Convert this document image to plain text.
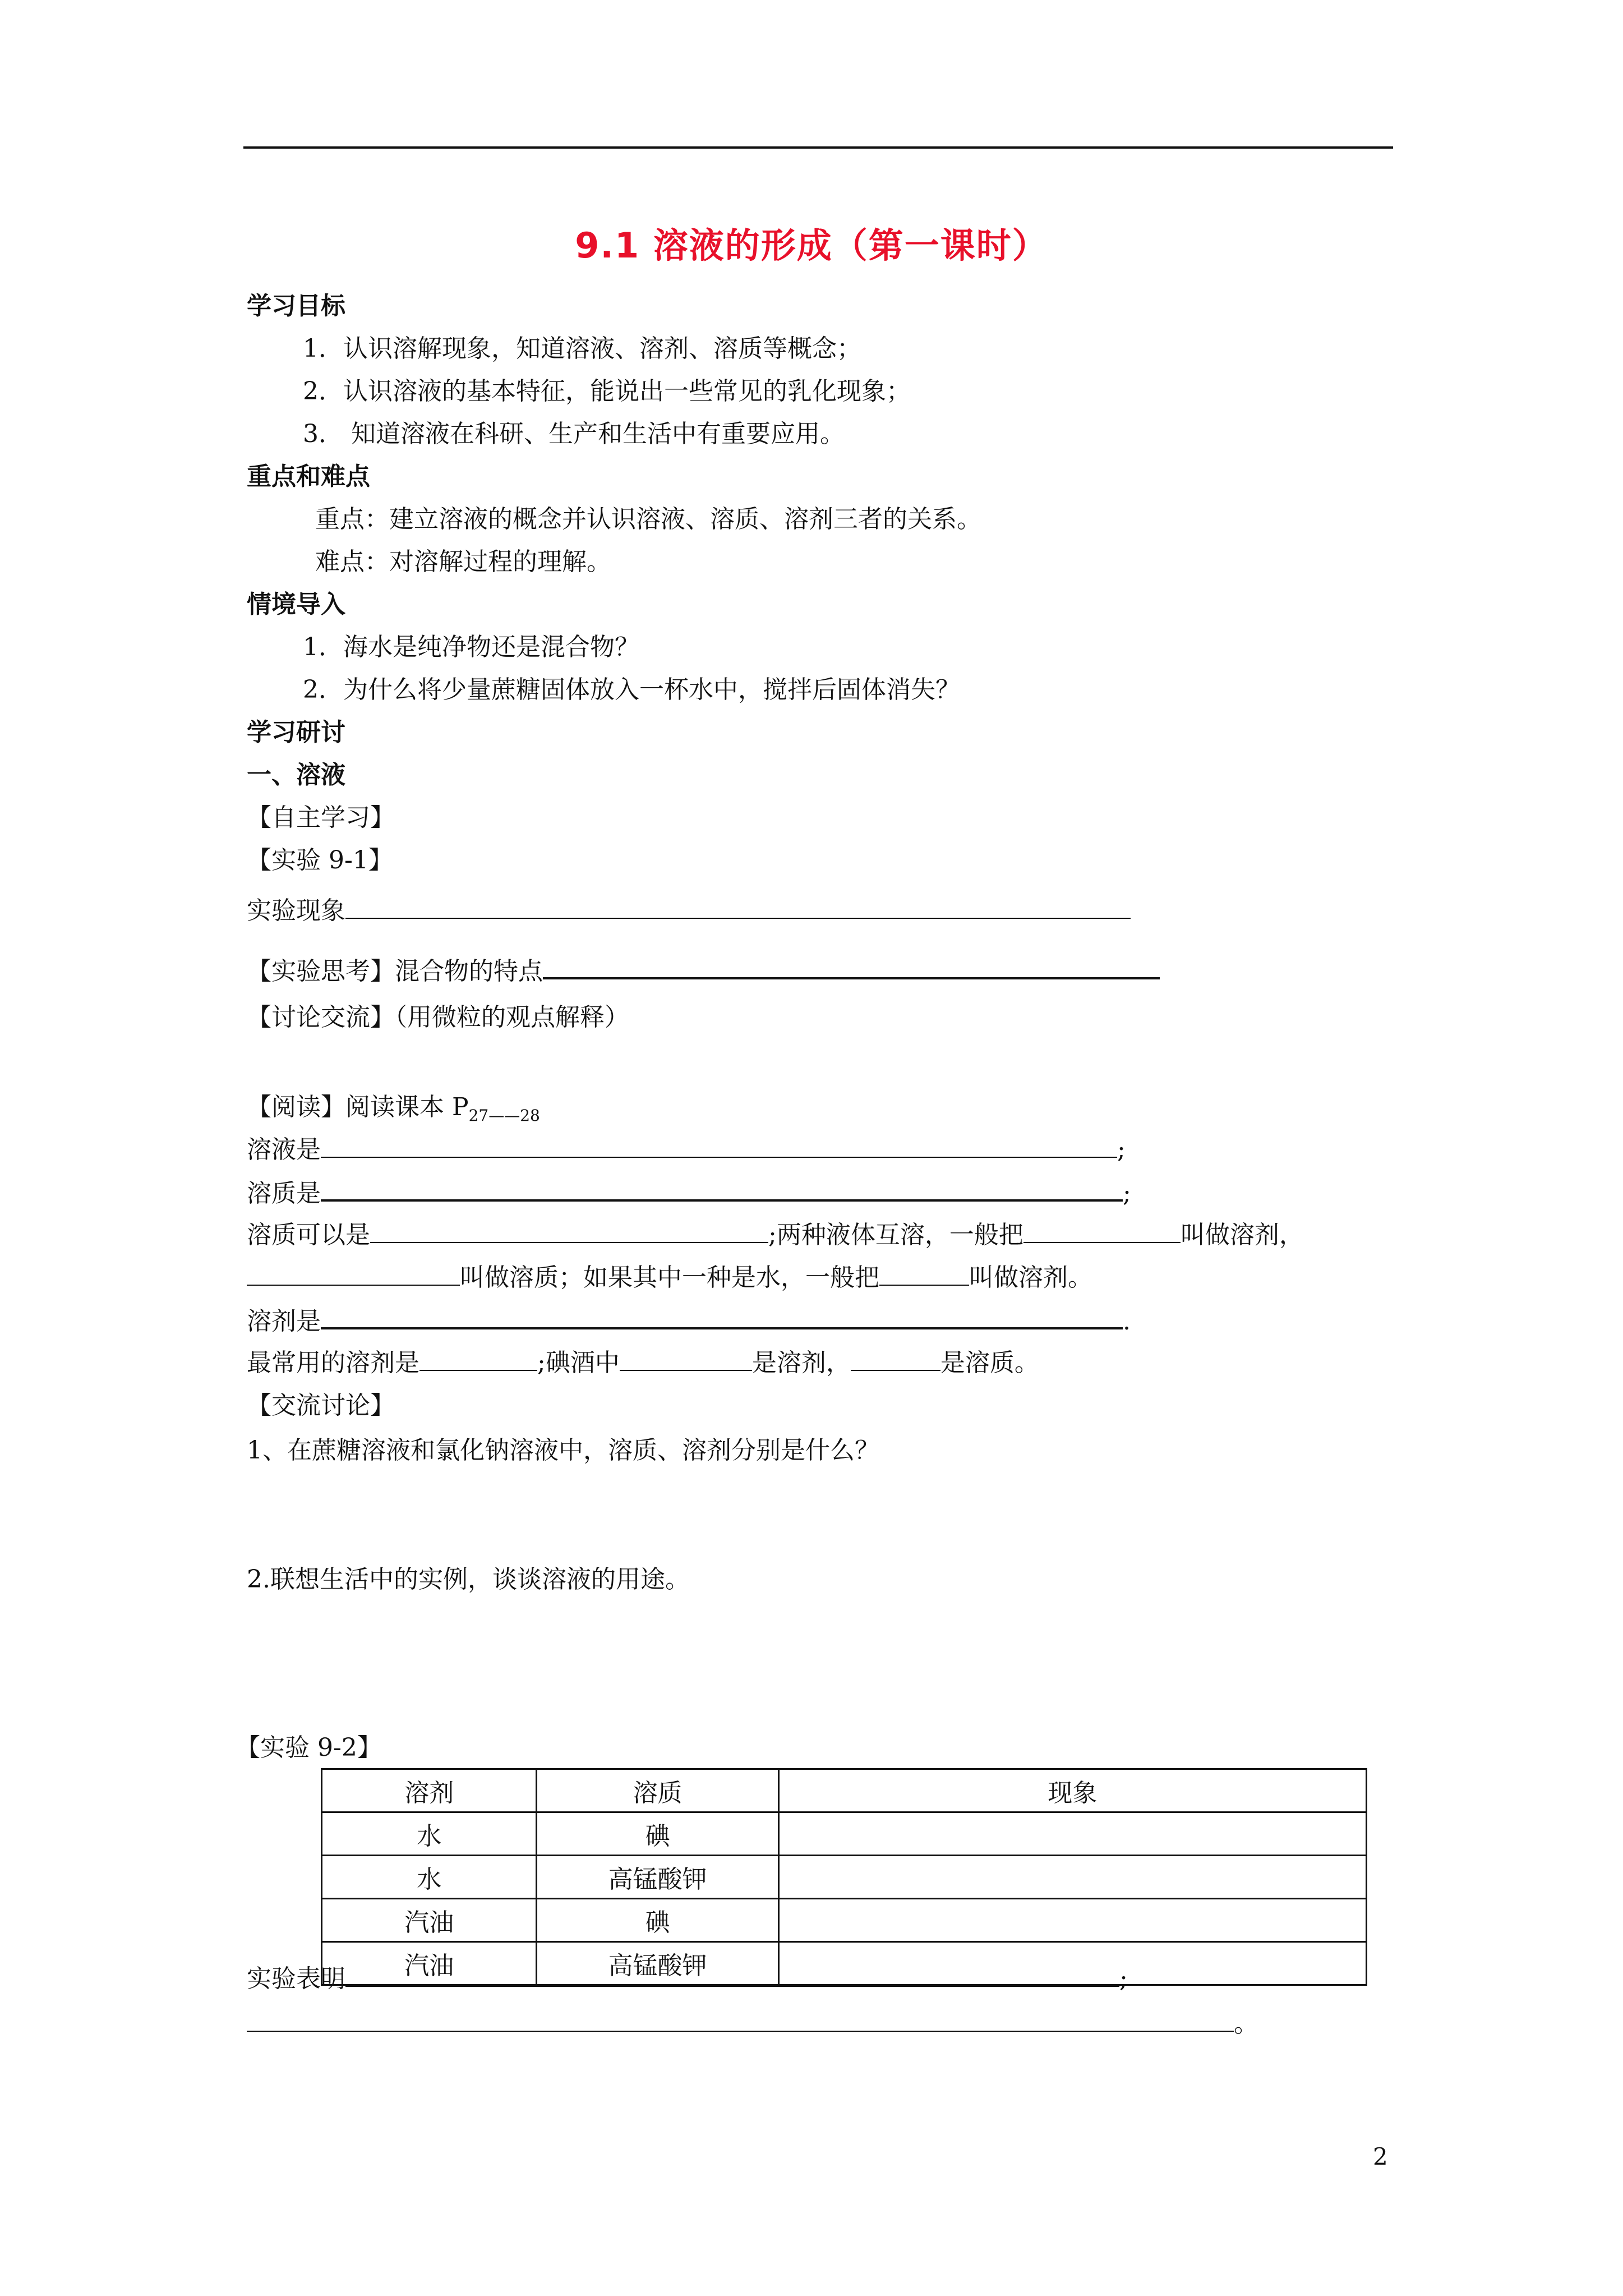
9.1 溶液的形成（第一课时）
学习目标
1．认识溶解现象，知道溶液、溶剂、溶质等概念；
2．认识溶液的基本特征，能说出一些常见的乳化现象；
3． 知道溶液在科研、生产和生活中有重要应用。
重点和难点
重点：建立溶液的概念并认识溶液、溶质、溶剂三者的关系。
难点：对溶解过程的理解。
情境导入
1．海水是纯净物还是混合物？
2．为什么将少量蔗糖固体放入一杯水中，搅拌后固体消失？
学习研讨
一、溶液
【自主学习】
【实验 9-1】
实验现象
【实验思考】混合物的特点
【讨论交流】（用微粒的观点解释）
【阅读】阅读课本 $P_{27——28}$
溶液是	;
溶质是	;
溶质可以是	;两种液体互溶，一般把	叫做溶剂，
叫做溶质；如果其中一种是水，一般把	叫做溶剂。
溶剂是	.
最常用的溶剂是	;碘酒中	是溶剂，	是溶质。
【交流讨论】
1、在蔗糖溶液和氯化钠溶液中，溶质、溶剂分别是什么？
2.联想生活中的实例，谈谈溶液的用途。
【实验 9-2】
溶剂	溶质	现象
水	碘	
水	高锰酸钾	
汽油	碘	
汽油	高锰酸钾	
实验表明	;
。
2
